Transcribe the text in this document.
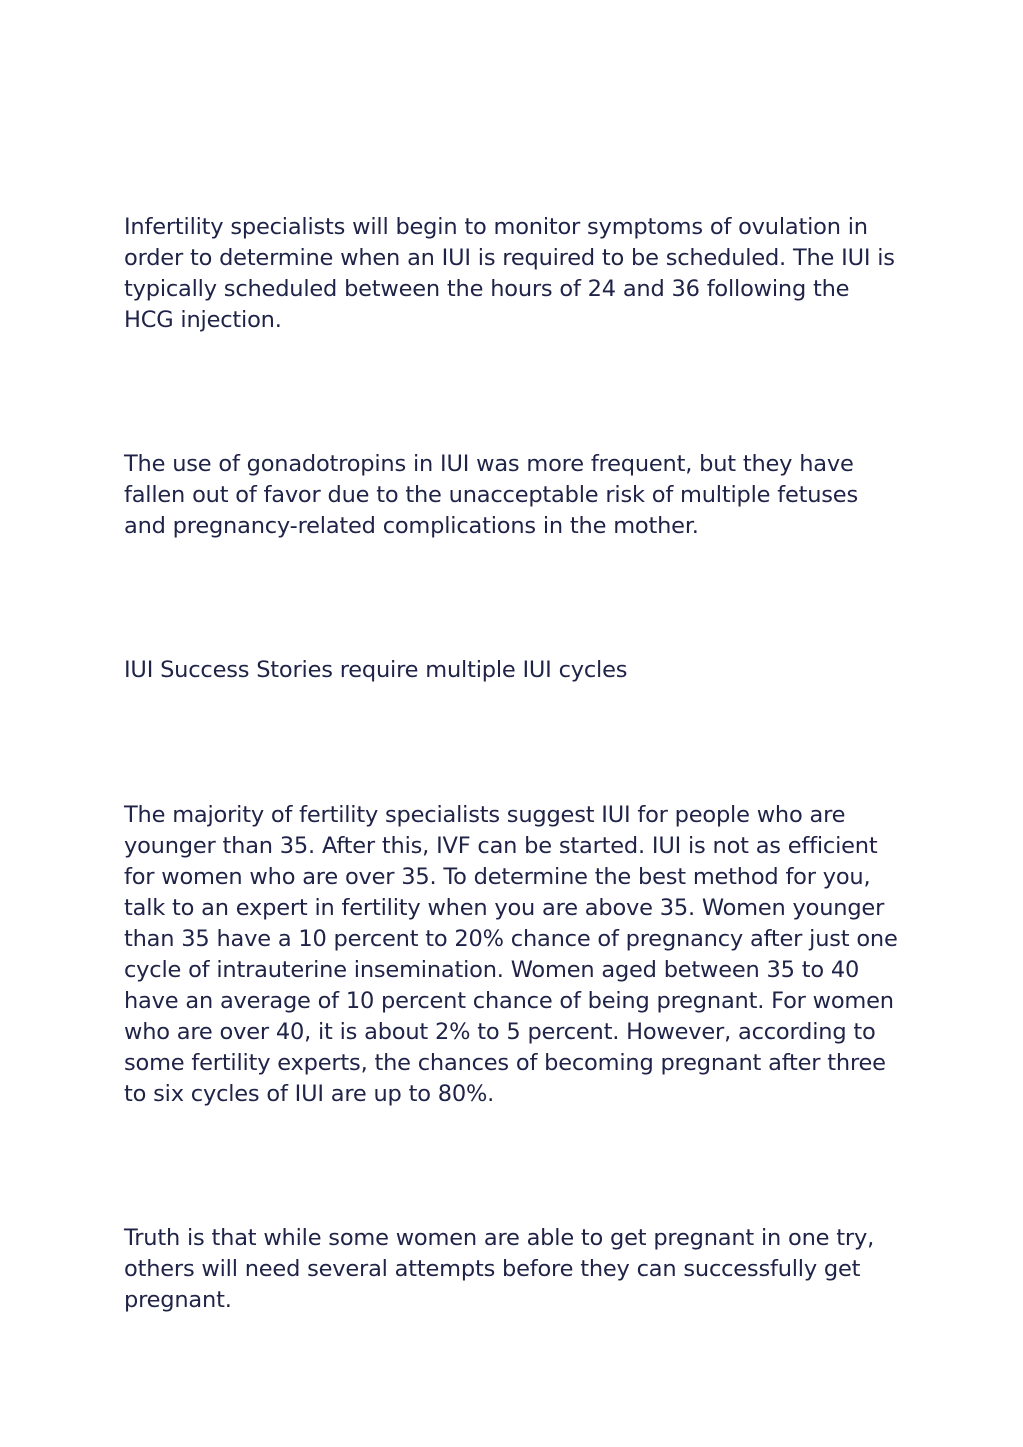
Infertility specialists will begin to monitor symptoms of ovulation in order to determine when an IUI is required to be scheduled. The IUI is typically scheduled between the hours of 24 and 36 following the HCG injection.

The use of gonadotropins in IUI was more frequent, but they have fallen out of favor due to the unacceptable risk of multiple fetuses and pregnancy-related complications in the mother.

IUI Success Stories require multiple IUI cycles

The majority of fertility specialists suggest IUI for people who are younger than 35. After this, IVF can be started. IUI is not as efficient for women who are over 35. To determine the best method for you, talk to an expert in fertility when you are above 35. Women younger than 35 have a 10 percent to 20% chance of pregnancy after just one cycle of intrauterine insemination. Women aged between 35 to 40 have an average of 10 percent chance of being pregnant. For women who are over 40, it is about 2% to 5 percent. However, according to some fertility experts, the chances of becoming pregnant after three to six cycles of IUI are up to 80%.

Truth is that while some women are able to get pregnant in one try, others will need several attempts before they can successfully get pregnant.
